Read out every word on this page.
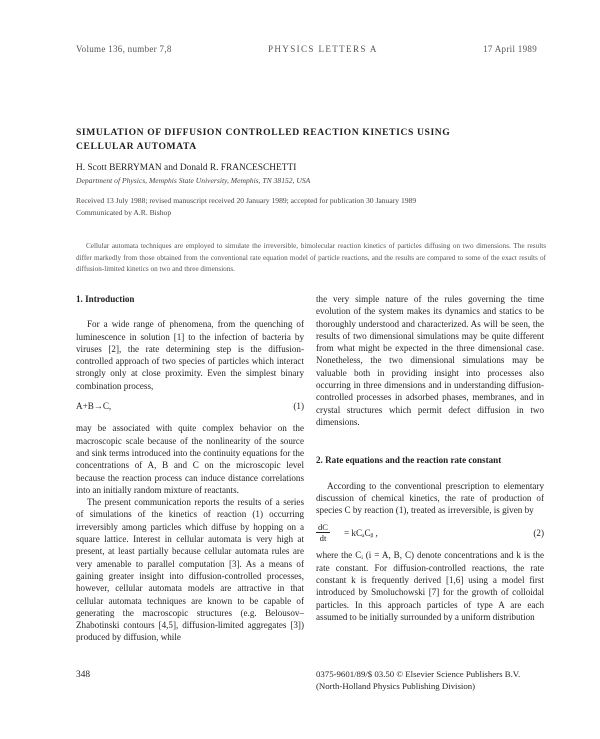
Volume 136, number 7,8	PHYSICS LETTERS A	17 April 1989
SIMULATION OF DIFFUSION CONTROLLED REACTION KINETICS USING CELLULAR AUTOMATA
H. Scott BERRYMAN and Donald R. FRANCESCHETTI
Department of Physics, Memphis State University, Memphis, TN 38152, USA
Received 13 July 1988; revised manuscript received 20 January 1989; accepted for publication 30 January 1989
Communicated by A.R. Bishop
Cellular automata techniques are employed to simulate the irreversible, bimolecular reaction kinetics of particles diffusing on two dimensions. The results differ markedly from those obtained from the conventional rate equation model of particle reactions, and the results are compared to some of the exact results of diffusion-limited kinetics on two and three dimensions.
1. Introduction

For a wide range of phenomena, from the quenching of luminescence in solution [1] to the infection of bacteria by viruses [2], the rate determining step is the diffusion-controlled approach of two species of particles which interact strongly only at close proximity. Even the simplest binary combination process,

A+B→C,	(1)

may be associated with quite complex behavior on the macroscopic scale because of the nonlinearity of the source and sink terms introduced into the continuity equations for the concentrations of A, B and C on the microscopic level because the reaction process can induce distance correlations into an initially random mixture of reactants.

The present communication reports the results of a series of simulations of the kinetics of reaction (1) occurring irreversibly among particles which diffuse by hopping on a square lattice. Interest in cellular automata is very high at present, at least partially because cellular automata rules are very amenable to parallel computation [3]. As a means of gaining greater insight into diffusion-controlled processes, however, cellular automata models are attractive in that cellular automata techniques are known to be capable of generating the macroscopic structures (e.g. Belousov–Zhabotinski contours [4,5], diffusion-limited aggregates [3]) produced by diffusion, while

the very simple nature of the rules governing the time evolution of the system makes its dynamics and statics to be thoroughly understood and characterized. As will be seen, the results of two dimensional simulations may be quite different from what might be expected in the three dimensional case. Nonetheless, the two dimensional simulations may be valuable both in providing insight into processes also occurring in three dimensions and in understanding diffusion-controlled processes in adsorbed phases, membranes, and in crystal structures which permit defect diffusion in two dimensions.

2. Rate equations and the reaction rate constant

According to the conventional prescription to elementary discussion of chemical kinetics, the rate of production of species C by reaction (1), treated as irreversible, is given by

$\frac{dC}{dt}$ = kCₐCᵦ ,	(2)

where the Cᵢ (i = A, B, C) denote concentrations and k is the rate constant. For diffusion-controlled reactions, the rate constant k is frequently derived [1,6] using a model first introduced by Smoluchowski [7] for the growth of colloidal particles. In this approach particles of type A are each assumed to be initially surrounded by a uniform distribution

348	0375-9601/89/$ 03.50 © Elsevier Science Publishers B.V.
(North-Holland Physics Publishing Division)
